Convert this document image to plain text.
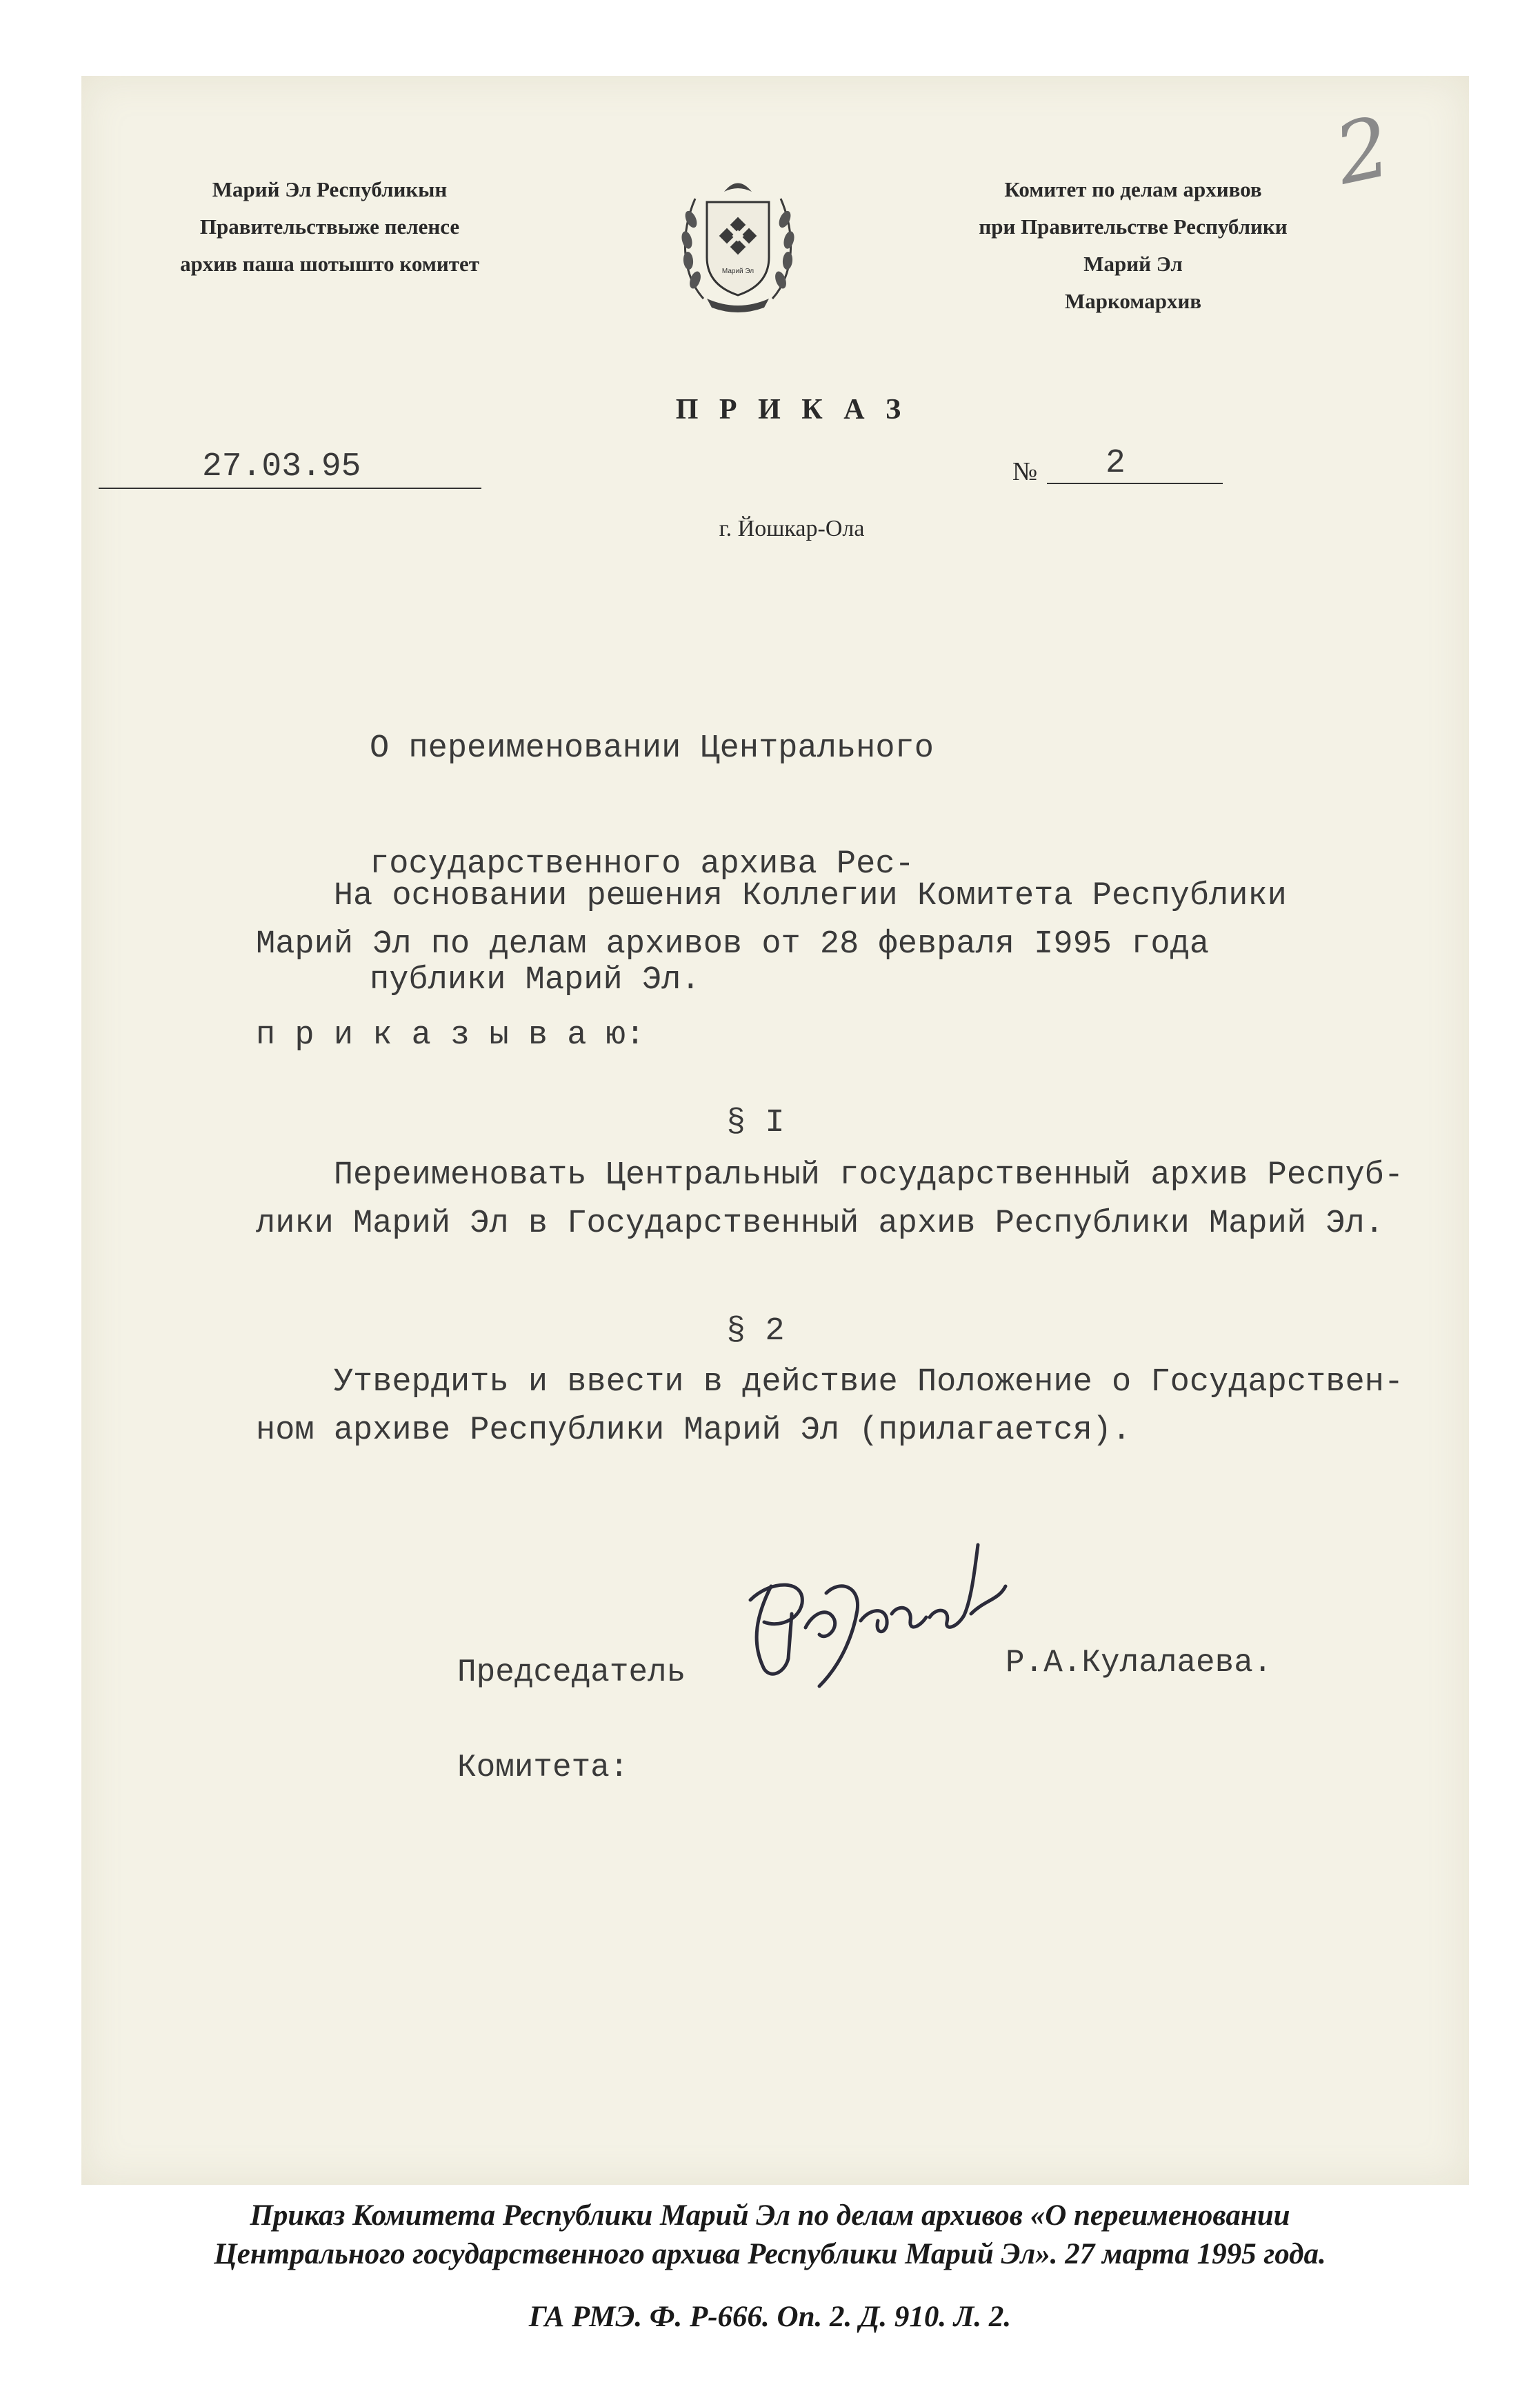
Марий Эл Республикын
Правительствыже пеленсе
архив паша шотышто комитет	Марий Эл
Комитет по делам архивов
при Правительстве Республики
Марий Эл
Маркомархив
2
П Р И К А З
27.03.95	№ 2
г. Йошкар-Ола

О переименовании Центрального

государственного архива Рес-

публики Марий Эл.

На основании решения Коллегии Комитета Республики
Марий Эл по делам архивов от 28 февраля I995 года
п р и к а з ы в а ю:
§ I
Переименовать Центральный государственный архив Респуб-
лики Марий Эл в Государственный архив Республики Марий Эл.
§ 2
Утвердить и ввести в действие Положение о Государствен-
ном архиве Республики Марий Эл (прилагается).

Председатель

Комитета:

Р.А.Кулалаева.
Приказ Комитета Республики Марий Эл по делам архивов «О переименовании
Центрального государственного архива Республики Марий Эл». 27 марта 1995 года.
ГА РМЭ. Ф. Р-666. Оп. 2. Д. 910. Л. 2.
